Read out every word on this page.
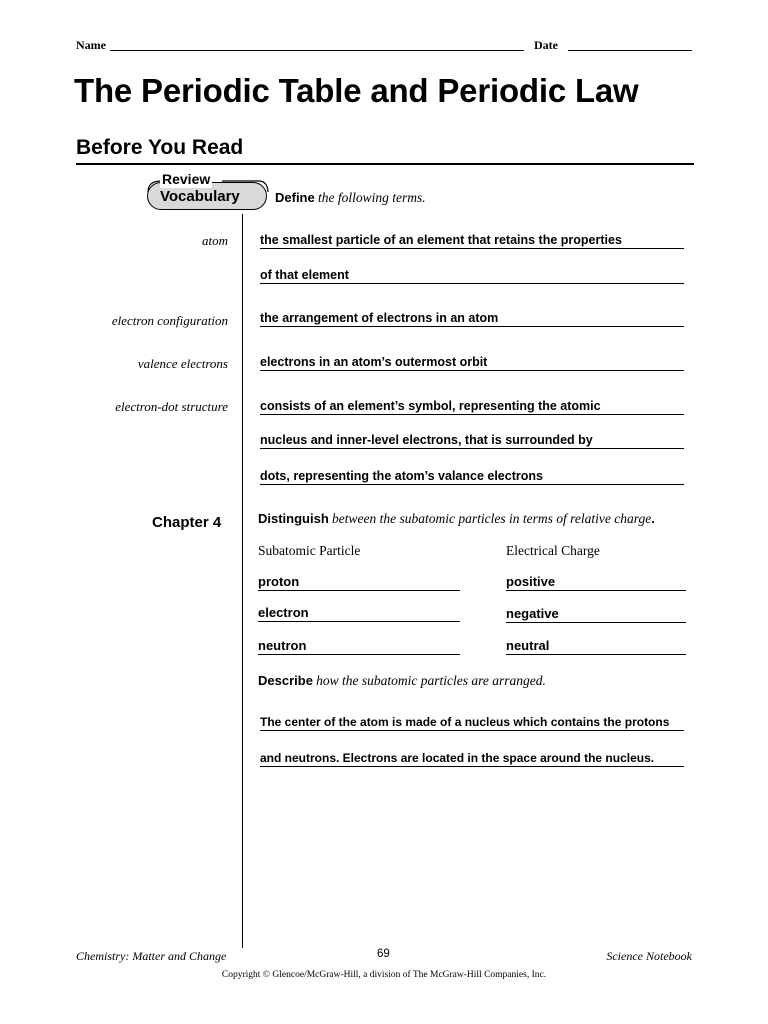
Name	Date
The Periodic Table and Periodic Law
Before You Read
Review
Vocabulary	Define the following terms.
atom	the smallest particle of an element that retains the properties
of that element
electron configuration	the arrangement of electrons in an atom
valence electrons	electrons in an atom’s outermost orbit
electron-dot structure	consists of an element’s symbol, representing the atomic
nucleus and inner-level electrons, that is surrounded by
dots, representing the atom’s valance electrons
Chapter 4	Distinguish between the subatomic particles in terms of relative charge.
Subatomic Particle	Electrical Charge
proton	positive
electron	negative
neutron	neutral
Describe how the subatomic particles are arranged.
The center of the atom is made of a nucleus which contains the protons
and neutrons. Electrons are located in the space around the nucleus.
Chemistry: Matter and Change	69	Science Notebook
Copyright © Glencoe/McGraw-Hill, a division of The McGraw-Hill Companies, Inc.
